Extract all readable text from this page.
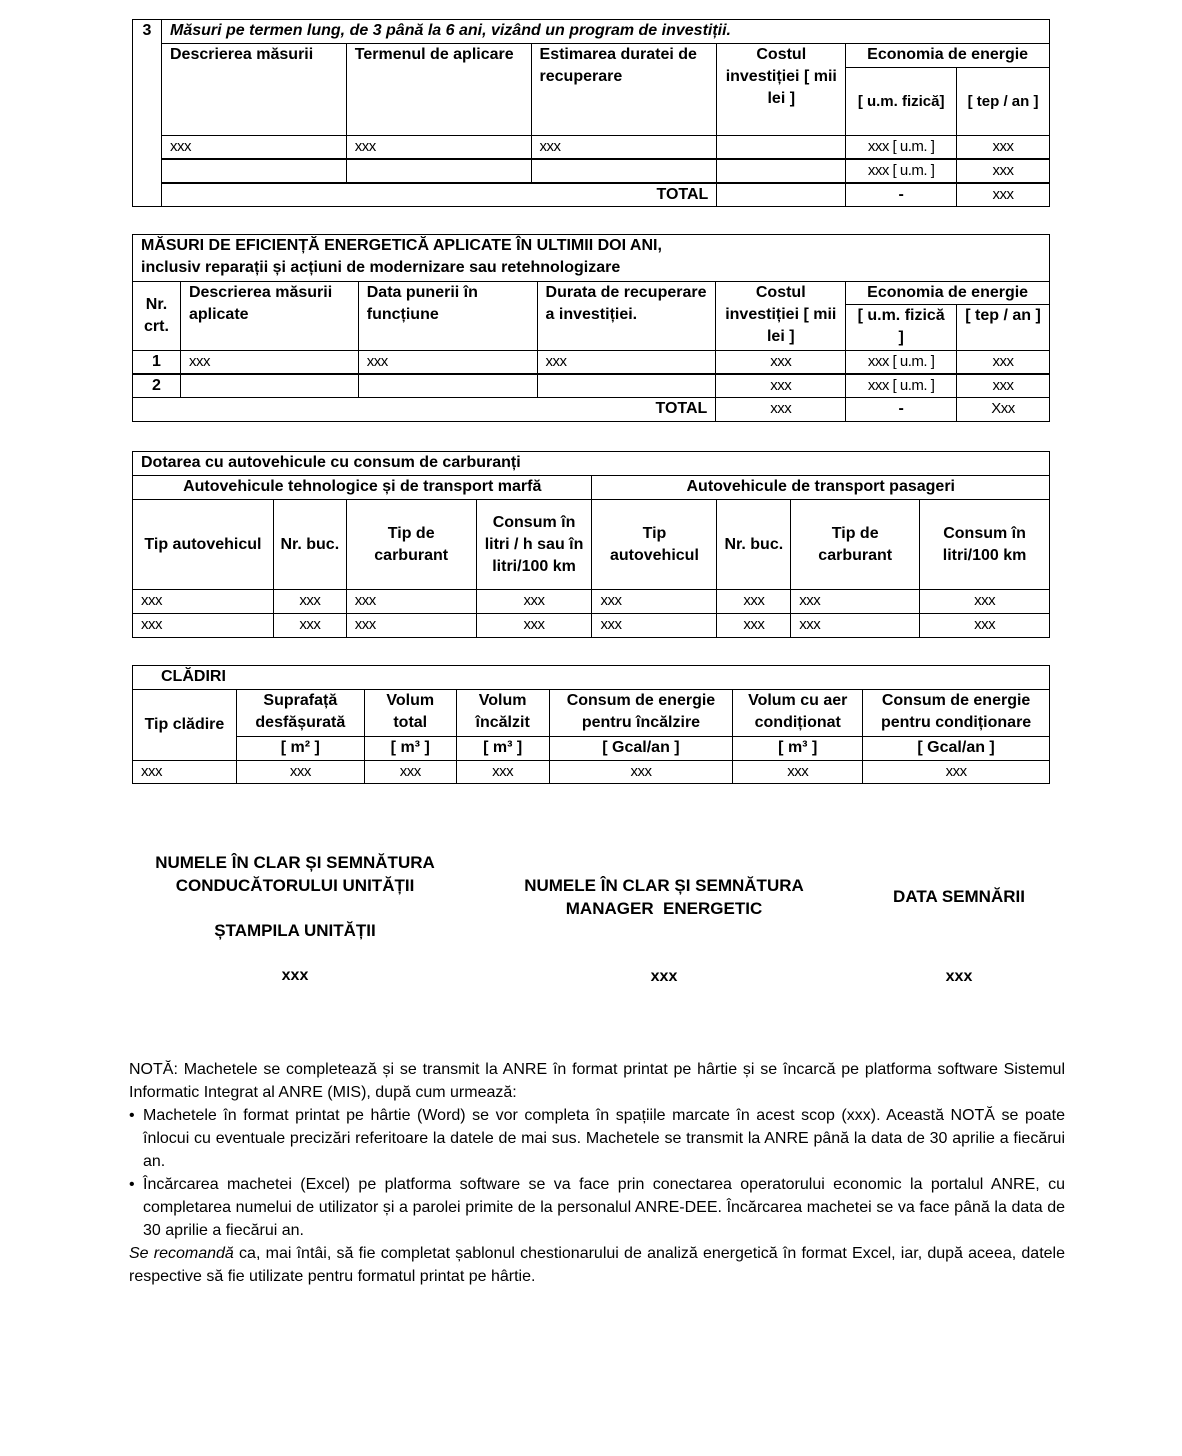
3	Măsuri pe termen lung, de 3 până la 6 ani, vizând un program de investiții.					
	Descrierea măsurii	Termenul de aplicare	Estimarea duratei de recuperare	Costul investiției [ mii lei ]	Economia de energie	
					[ u.m. fizică]	[ tep / an ]
	xxx	xxx	xxx		xxx [ u.m. ]	xxx
					xxx [ u.m. ]	xxx
	TOTAL				-	xxx
MĂSURI DE EFICIENȚĂ ENERGETICĂ APLICATE ÎN ULTIMII DOI ANI,
inclusiv reparații și acțiuni de modernizare sau retehnologizare						

Nr. crt.	Descrierea măsurii aplicate	Data punerii în funcțiune	Durata de recuperare a investiției.	Costul investiției [ mii lei ]	Economia de energie	
					[ u.m. fizică ]	[ tep / an ]
1	xxx	xxx	xxx	xxx	xxx [ u.m. ]	xxx
2				xxx	xxx [ u.m. ]	xxx
TOTAL				xxx	-	Xxx
Dotarea cu autovehicule cu consum de carburanți							
Autovehicule tehnologice și de transport marfă				Autovehicule de transport pasageri			
Tip autovehicul	Nr. buc.	Tip de carburant	Consum în litri / h sau în litri/100 km	Tip autovehicul	Nr. buc.	Tip de carburant	Consum în litri/100 km
xxx	xxx	xxx	xxx	xxx	xxx	xxx	xxx
xxx	xxx	xxx	xxx	xxx	xxx	xxx	xxx
CLĂDIRI						
Tip clădire	Suprafață desfășurată	Volum total	Volum încălzit	Consum de energie pentru încălzire	Volum cu aer condiționat	Consum de energie pentru condiționare
	[ m² ]	[ m³ ]	[ m³ ]	[ Gcal/an ]	[ m³ ]	[ Gcal/an ]
xxx	xxx	xxx	xxx	xxx	xxx	xxx
NUMELE ÎN CLAR ȘI SEMNĂTURA
CONDUCĂTORULUI UNITĂȚII
ȘTAMPILA UNITĂȚII
xxx
NUMELE ÎN CLAR ȘI SEMNĂTURA
MANAGER  ENERGETIC
xxx
DATA SEMNĂRII
xxx

NOTĂ: Machetele se completează și se transmit la ANRE în format printat pe hârtie și se încarcă pe platforma software Sistemul Informatic Integrat al ANRE (MIS), după cum urmează:

• Machetele în format printat pe hârtie (Word) se vor completa în spațiile marcate în acest scop (xxx). Această NOTĂ se poate înlocui cu eventuale precizări referitoare la datele de mai sus. Machetele se transmit la ANRE până la data de 30 aprilie a fiecărui an.
• Încărcarea machetei (Excel) pe platforma software se va face prin conectarea operatorului economic la portalul ANRE, cu completarea numelui de utilizator și a parolei primite de la personalul ANRE-DEE. Încărcarea machetei se va face până la data de 30 aprilie a fiecărui an.

Se recomandă ca, mai întâi, să fie completat șablonul chestionarului de analiză energetică în format Excel, iar, după aceea, datele respective să fie utilizate pentru formatul printat pe hârtie.
